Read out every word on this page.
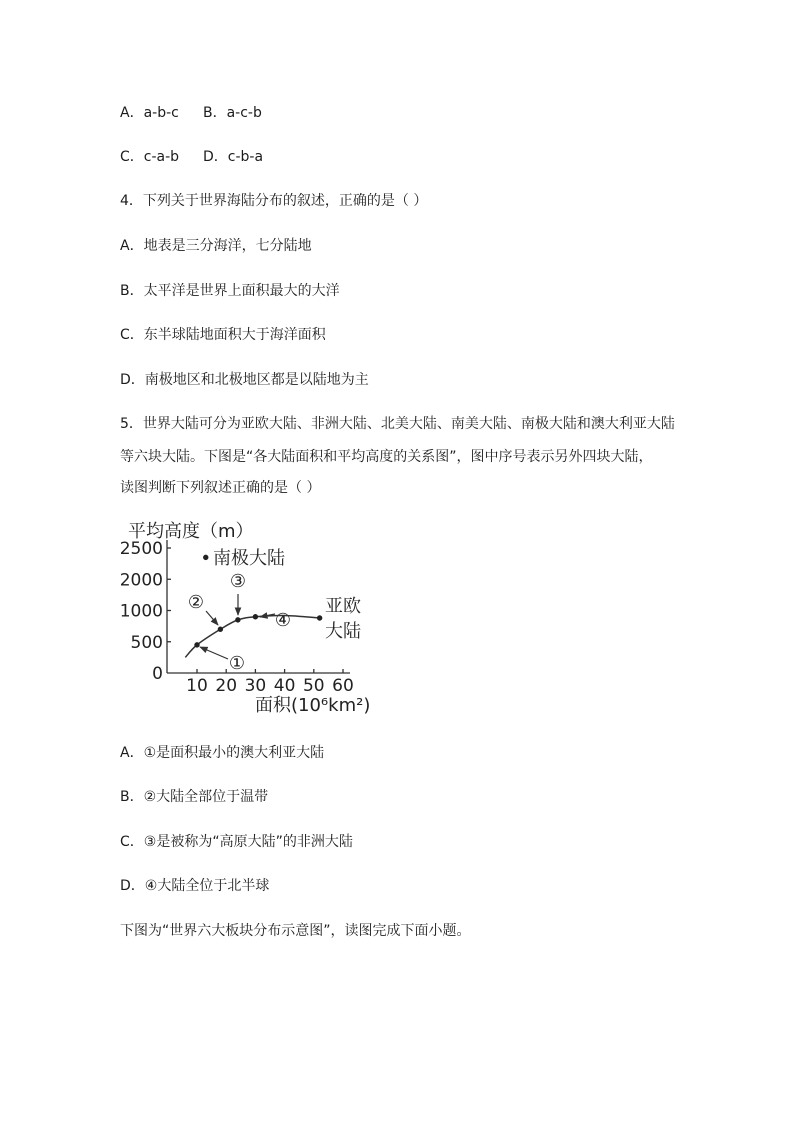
A．a-b-c B．a-c-b
C．c-a-b D．c-b-a
4．下列关于世界海陆分布的叙述，正确的是（ ）
A．地表是三分海洋，七分陆地
B．太平洋是世界上面积最大的大洋
C．东半球陆地面积大于海洋面积
D．南极地区和北极地区都是以陆地为主
5．世界大陆可分为亚欧大陆、非洲大陆、北美大陆、南美大陆、南极大陆和澳大利亚大陆
等六块大陆。下图是“各大陆面积和平均高度的关系图”，图中序号表示另外四块大陆，
读图判断下列叙述正确的是（ ）
平均高度（m）
面积(10⁶km²)
南极大陆
①
②
③
④
亚欧
大陆
0
500
1000
2000
2500
10 20 30 40 50 60
A．①是面积最小的澳大利亚大陆
B．②大陆全部位于温带
C．③是被称为“高原大陆”的非洲大陆
D．④大陆全位于北半球
下图为“世界六大板块分布示意图”，读图完成下面小题。
